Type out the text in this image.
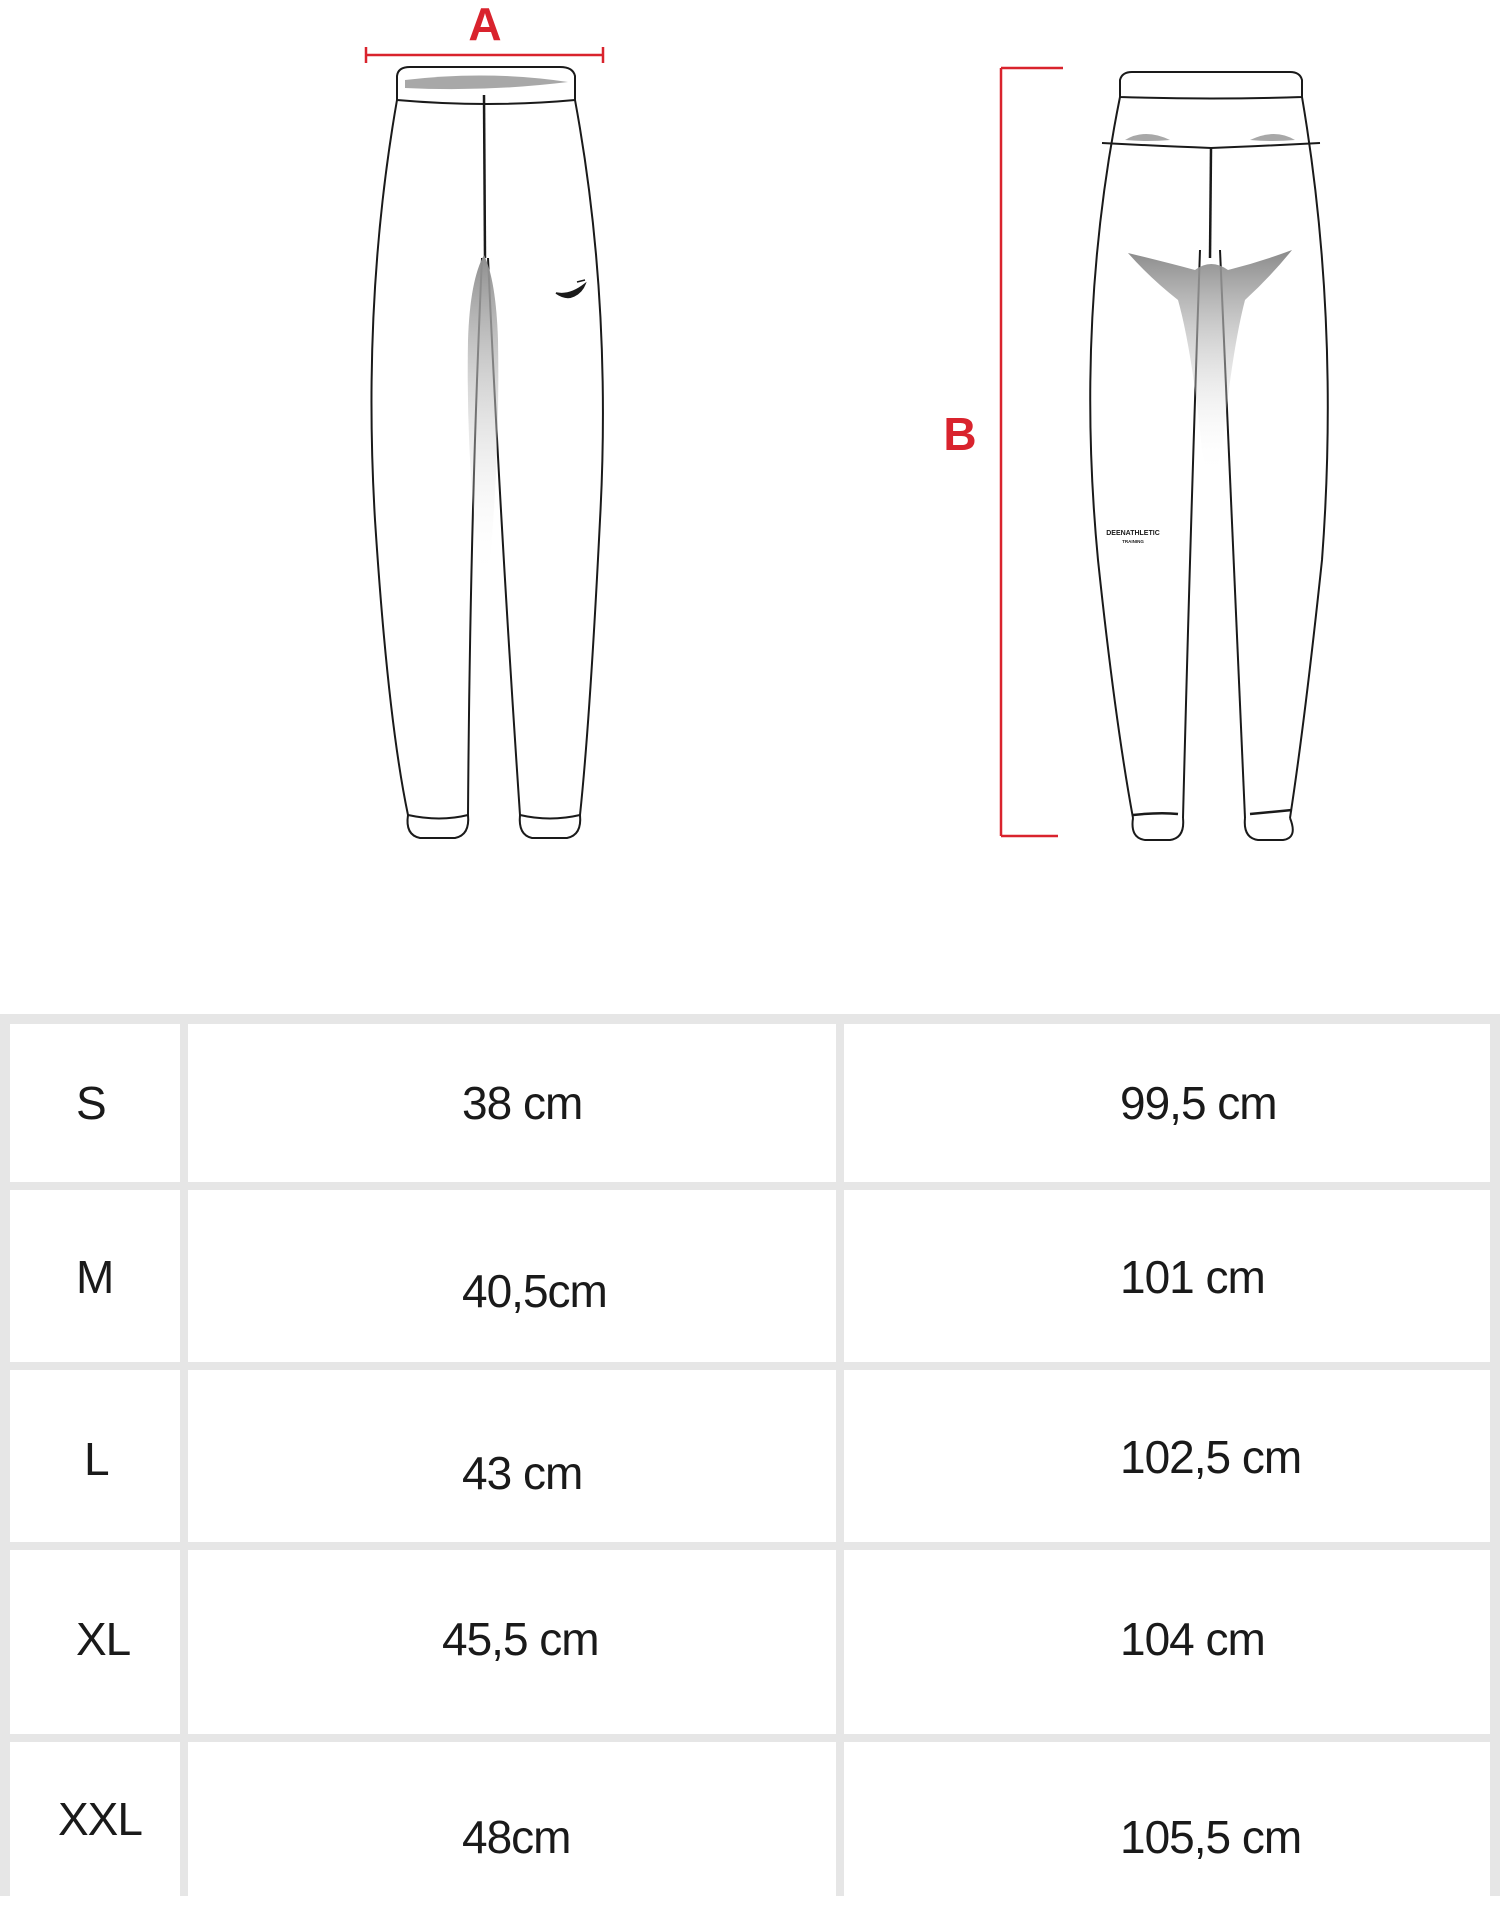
A
DEENATHLETIC
TRAINING
B
S	38 cm	99,5 cm
M	40,5cm	101 cm
L	43 cm	102,5 cm
XL	45,5 cm	104 cm
XXL	48cm	105,5 cm
